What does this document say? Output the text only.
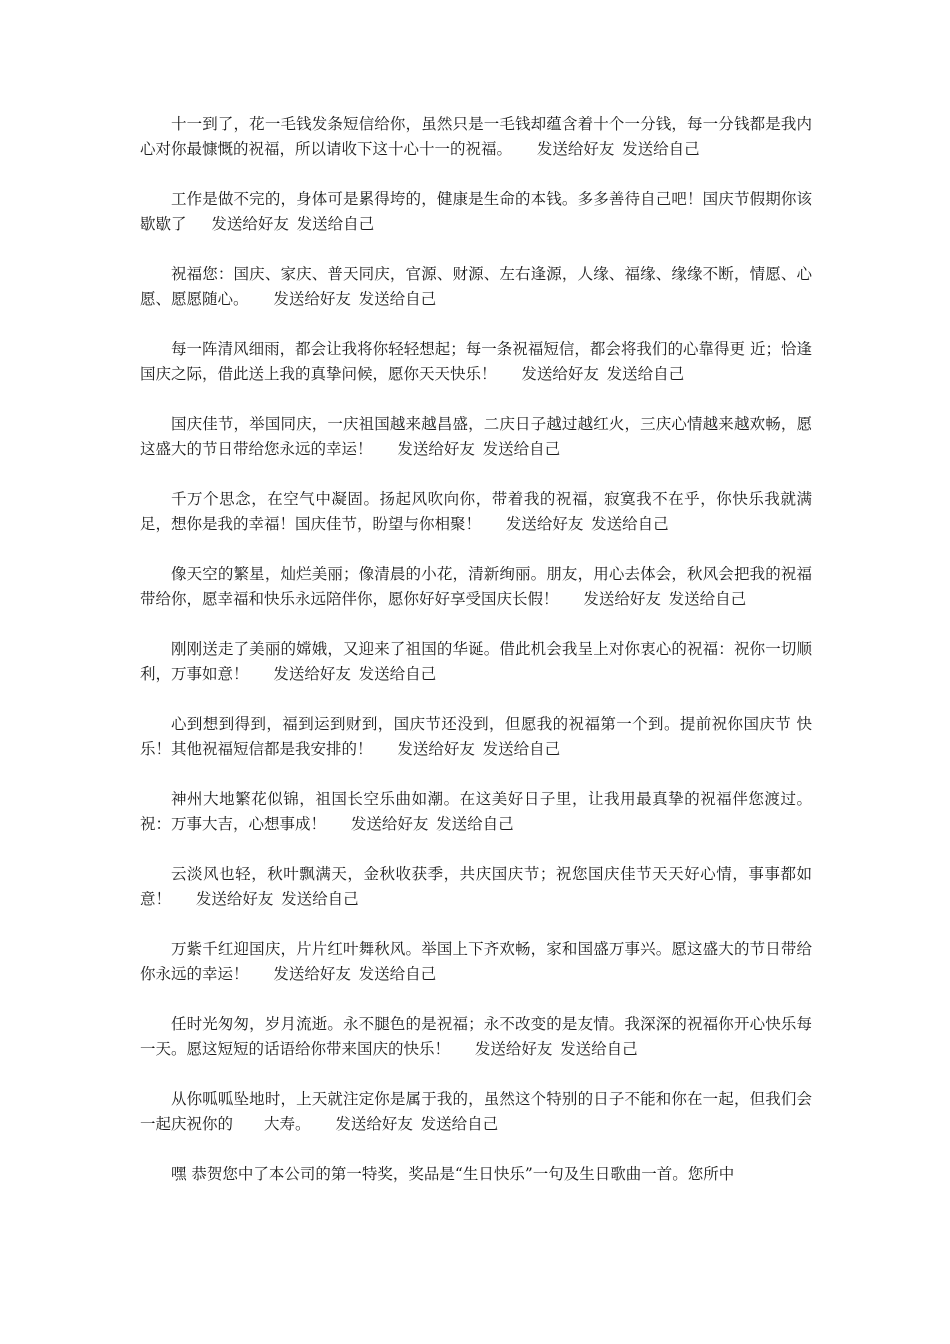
十一到了，花一毛钱发条短信给你，虽然只是一毛钱却蕴含着十个一分钱，每一分钱都是我内心对你最慷慨的祝福，所以请收下这十心十一的祝福。 发送给好友 发送给自己

工作是做不完的，身体可是累得垮的，健康是生命的本钱。多多善待自己吧！国庆节假期你该歇歇了 发送给好友 发送给自己

祝福您：国庆、家庆、普天同庆，官源、财源、左右逢源，人缘、福缘、缘缘不断，情愿、心愿、愿愿随心。 发送给好友 发送给自己

每一阵清风细雨，都会让我将你轻轻想起；每一条祝福短信，都会将我们的心靠得更 近；恰逢国庆之际，借此送上我的真挚问候，愿你天天快乐！ 发送给好友 发送给自己

国庆佳节，举国同庆，一庆祖国越来越昌盛，二庆日子越过越红火，三庆心情越来越欢畅，愿这盛大的节日带给您永远的幸运！ 发送给好友 发送给自己

千万个思念，在空气中凝固。扬起风吹向你，带着我的祝福，寂寞我不在乎，你快乐我就满足，想你是我的幸福！国庆佳节，盼望与你相聚！ 发送给好友 发送给自己

像天空的繁星，灿烂美丽；像清晨的小花，清新绚丽。朋友，用心去体会，秋风会把我的祝福带给你，愿幸福和快乐永远陪伴你，愿你好好享受国庆长假！ 发送给好友 发送给自己

刚刚送走了美丽的嫦娥，又迎来了祖国的华诞。借此机会我呈上对你衷心的祝福：祝你一切顺利，万事如意！ 发送给好友 发送给自己

心到想到得到，福到运到财到，国庆节还没到，但愿我的祝福第一个到。提前祝你国庆节 快乐！其他祝福短信都是我安排的！ 发送给好友 发送给自己

神州大地繁花似锦，祖国长空乐曲如潮。在这美好日子里，让我用最真挚的祝福伴您渡过。祝：万事大吉，心想事成！ 发送给好友 发送给自己

云淡风也轻，秋叶飘满天，金秋收获季，共庆国庆节；祝您国庆佳节天天好心情，事事都如意！ 发送给好友 发送给自己

万紫千红迎国庆，片片红叶舞秋风。举国上下齐欢畅，家和国盛万事兴。愿这盛大的节日带给你永远的幸运！ 发送给好友 发送给自己

任时光匆匆，岁月流逝。永不腿色的是祝福；永不改变的是友情。我深深的祝福你开心快乐每一天。愿这短短的话语给你带来国庆的快乐！ 发送给好友 发送给自己

从你呱呱坠地时，上天就注定你是属于我的，虽然这个特别的日子不能和你在一起，但我们会一起庆祝你的　　大寿。 发送给好友 发送给自己

嘿 恭贺您中了本公司的第一特奖，奖品是“生日快乐”一句及生日歌曲一首。您所中
